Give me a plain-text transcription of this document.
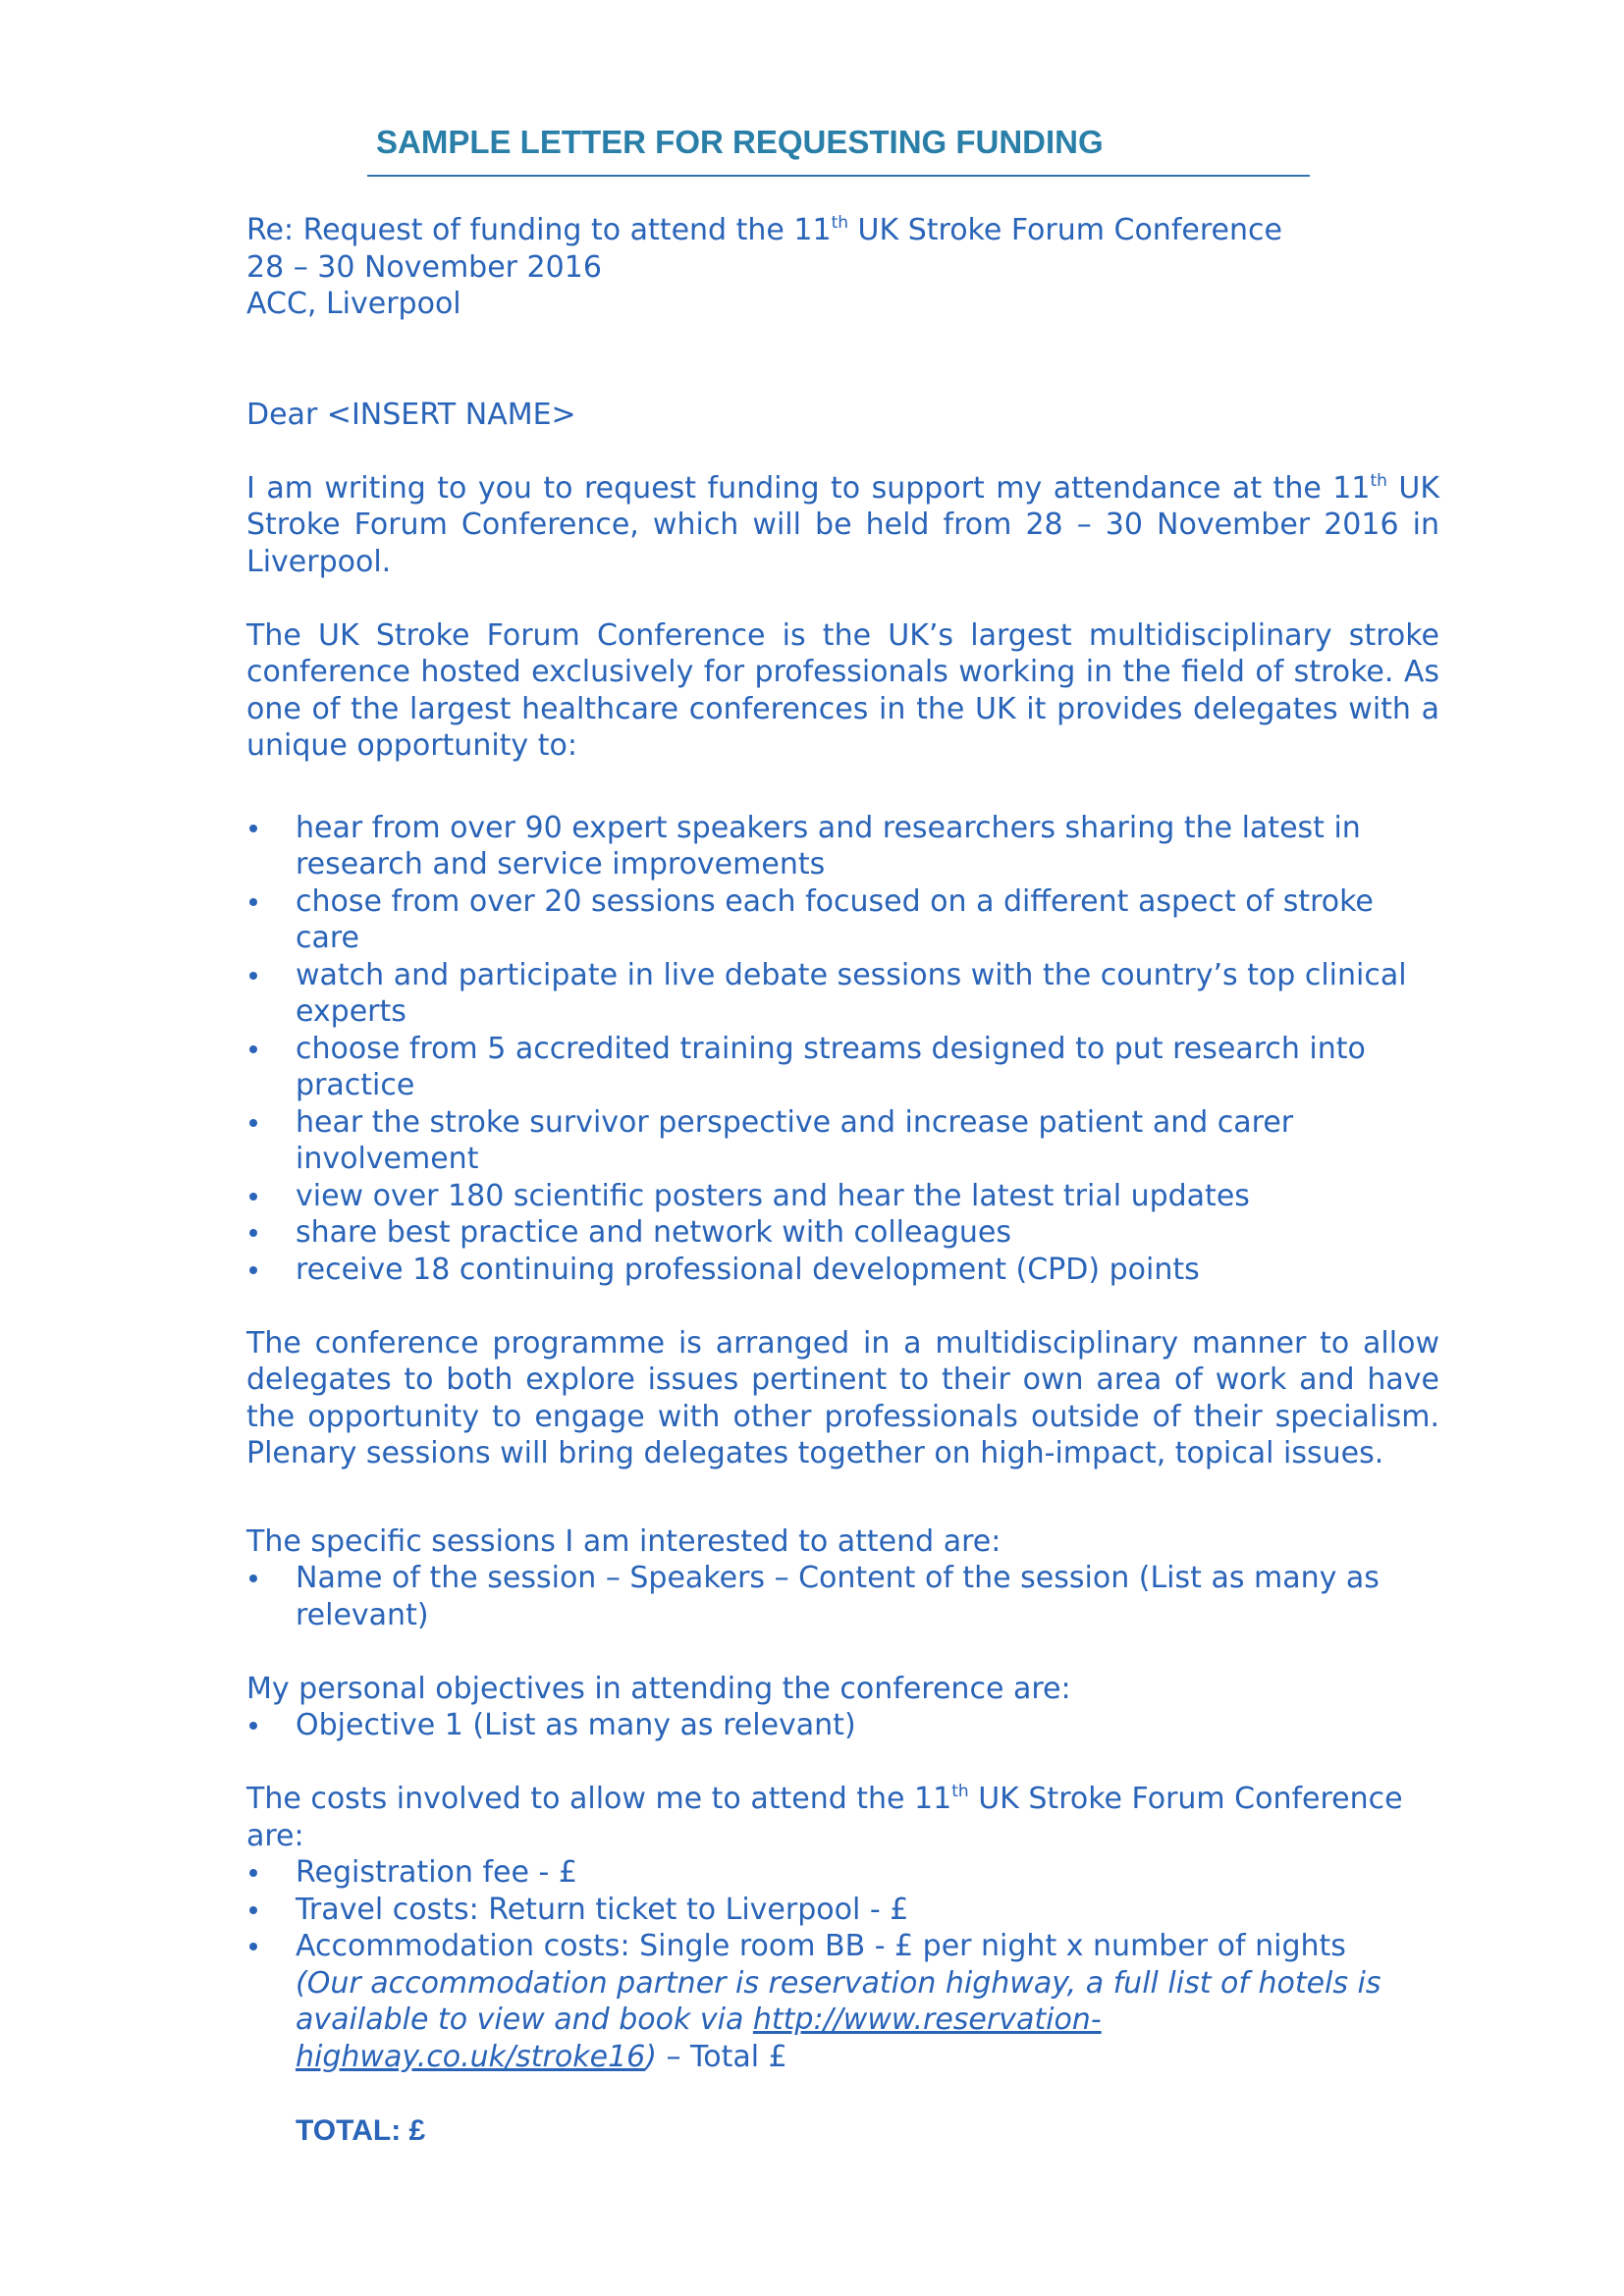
SAMPLE LETTER FOR REQUESTING FUNDING

Re: Request of funding to attend the 11th UK Stroke Forum Conference

28 – 30 November 2016

ACC, Liverpool

Dear <INSERT NAME>

I am writing to you to request funding to support my attendance at the 11th UK Stroke Forum Conference, which will be held from 28 – 30 November 2016 in Liverpool.

The UK Stroke Forum Conference is the UK’s largest multidisciplinary stroke conference hosted exclusively for professionals working in the field of stroke. As one of the largest healthcare conferences in the UK it provides delegates with a unique opportunity to:

hear from over 90 expert speakers and researchers sharing the latest in research and service improvements
chose from over 20 sessions each focused on a different aspect of stroke care
watch and participate in live debate sessions with the country’s top clinical experts
choose from 5 accredited training streams designed to put research into practice
hear the stroke survivor perspective and increase patient and carer involvement
view over 180 scientific posters and hear the latest trial updates
share best practice and network with colleagues
receive 18 continuing professional development (CPD) points

The conference programme is arranged in a multidisciplinary manner to allow delegates to both explore issues pertinent to their own area of work and have the opportunity to engage with other professionals outside of their specialism. Plenary sessions will bring delegates together on high-impact, topical issues.

The specific sessions I am interested to attend are:

Name of the session – Speakers – Content of the session (List as many as relevant)

My personal objectives in attending the conference are:

Objective 1 (List as many as relevant)

The costs involved to allow me to attend the 11th UK Stroke Forum Conference are:

Registration fee - £
Travel costs: Return ticket to Liverpool - £
Accommodation costs: Single room BB - £ per night x number of nights
(Our accommodation partner is reservation highway, a full list of hotels is available to view and book via http://www.reservation-highway.co.uk/stroke16) – Total £

TOTAL: £
